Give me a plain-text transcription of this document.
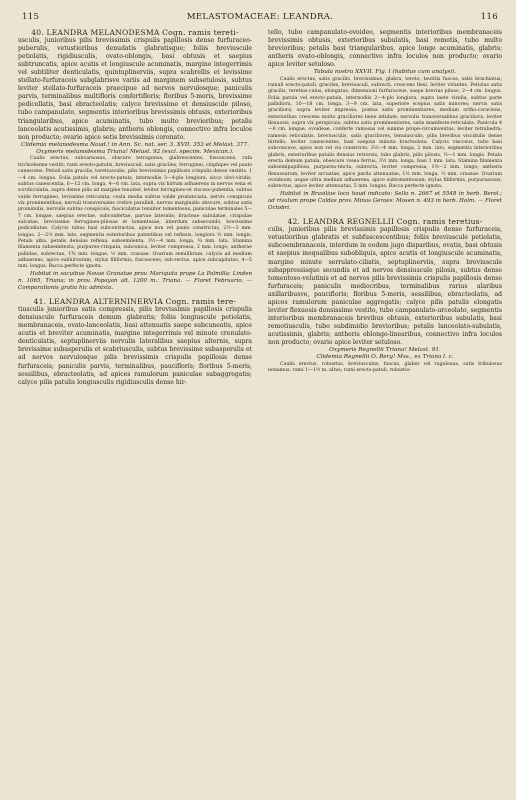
115	MELASTOMACEAE: LEANDRA.	116

40. LEANDRA MELANODESMA Cogn. ramis tereti-

usculis, junioribus pilis brevissimis crispulis papillosis dense furfuraceo-puberulis, vetustioribus denudatis glabratisque; foliis breviuscule petiolatis, rigidiusculis, ovato-oblongis, basi obtusis et saepius subtruncatis, apice acutis et longiuscule acuminatis, margine integerrimis vel subtiliter denticulatis, quintuplinerviis, supra scabrellis et levissime stellato-furfuraceis subglabrisve variis ad marginem subsetulosis, subtus leviter stellato-furfuraceis praecipue ad nervos nervulosque; paniculis parvis, terminalibus multifloris confertifloris; floribus 5-meris, brevissime pedicellatis, basi ebracteolatis; calyce brevissime et densiuscule piloso, tubo campanulato, segmentis interioribus brevissimis obtusis, exterioribus triangularibus, apice acuminatis, tubo multo brevioribus; petalis lanceolatis acutissimis, glabris; antheris oblongis, connectivo infra loculos non producto; ovario apice setis brevissimis coronato.

Clidemia melanodesma Naud.! in Ann. Sc. nat. ser. 3. XVII. 353 et Melast. 377.

Oxymeris melanodesma Triana! Melast. 92 (excl. specim. Mexican.).

Caulis erectus, subcarnosus, obscure tetragonus, glabrescentes, fuscescens, rufa trichodesme vestiti; rami ereoto-patulis, breviusculi, satis graciles, ferruginei, cinphipes vel paulo canescens. Petioli satis gracilis, teretiusculis, pilis brevissimis papillosis crispulis dense vestitis, 1—4 cm. longus. Folia patula vel erecto-patula, internodiis 3—4-plo longiora, sicco obvi-viridis, subtus canescentia, 6—12 cm. longa, 4—6 cm. lata, supra vix hirtum adhaerens in nervos vena et scrobiculatis, supra dense pilis ad margine tenuiter, leviter ferrugineo-et viscoso-pubentia, subtus valde ferrugineo, levissime reticulata; costa media subtus valde pronunciata, nervis conspicuis vix prominentibus; nervuli transversales crebre paralleli, nervus marginalis obscure, subtus satis prominulis, nervulis subtus conspicuis, fasciculatus tenuiter tomentosus, paniculae terminales 5—7 cm. longae, saepius erectae, subconfertae, parvae lateralis; bracteae subulatae, crispulae sulcatae, brevissime ferrugineo-pilosae et tomentosae, interdum subsecundo, brevissime pedicellatae. Calycis tubus basi subcontractus, apice non vel paulo constrictus, 2½—3 mm. longus, 2—2½ mm. lato, segmentis exterioribus patentibus vel reflexis, longiora ½ mm. longis. Petala alba, petalis densius reflexa, subsemilenta, 3½—4 mm. longa, ¾ mm. lata. Stamina filamenta subsemitexta, purpureo-crispata, subconica, leviter compressa, 2 mm. longo; antherae pallidae, subrectae, 1¾ mm. longae, ½ mm. crassae. Ovarium semilibrum, calycis ad medium adhaerens, apice subhirsutum, stylus filiformis, fuscescens, sub-rectus, apice subcapitatus, 4—5 mm. longus. Bacca perfecte ignota.

Habitat in sacuibus Novae Granatae prov. Mariquita prope La Palmilla: Linden n. 1065, Triana; in prov. Popayan alt. 1200 m.: Triana. — Floret Februario. — Comparationis gratia hic admixta.

41. LEANDRA ALTERNINERVIA Cogn. ramis tere-

tiusculis junioribus satis compressis, pilis brevissimis papillosis crispulis densiuscule furfuraceis demum glabratis; foliis longiuscule petiolatis, membranaceis, ovato-lanceolatis, basi attenuatis saepe subcuneatis, apice acutis et breviter acuminatis, margine integerrimis vel minute crenulato-denticulatis, septuplinerviis nervulis lateralibus saepius alternis, supra brevissime subasperulis et scabriusculis, subtus brevissime subasperulis et ad nervos nervulosque pilis brevissimis crispulis papillosis dense furfuraceis; paniculis parvis, terminalibus, pauciflorís; floribus 5-meris, sessilibus, ebracteolatis, ad apices ramulorum paniculae subaggregatis; calyce pilis patulis longiusculis rigidiusculis dense hir-

tello, tubo campanulato-ovoideo, segmentis interioribus membranaceis brevissimis obtusis, exterioribus subulatis, basi remotis, tubo multo brevioribus; petalis basi triangularibus, apice longe acuminatis, glabris; antheris ovato-oblongis, connectivo infra loculos non producto; ovario apice leviter setuloso.

Tabula nostra XXVII. Fig. I (habitus cum analysi).

Caulis erectus, satis gracilis, brevissimus, glabra, tereto, teutitis fuscos, satis brachiatus; ramuli erecto-patuli, graciles, breviusculi, subrecti, crescens flexi, leviter virantes. Petiolus satis gracilis, teretius-culus, elongatus, dimensioni furfuraceus, saepe brevius piloso, 2—4 cm. longus. Folia patula vel erecto-patula, internodiis 2—4-plo longiora, supra laete viridia, subtus parte pallidiora, 10—18 cm. longa, 3—9 cm. lata, superiore scepius satis minores; nervis satis graciliora, supra leviter impressa, postea satis prominentiores, medium ortho-coraciens, exterioribus crescens multo graciliores bene intidam; nervulis transversalibus graciliora, leviter flexuosis, supra vix perspicuis, subtus satis prominentiores, satis manifeste-reticulata. Panicula 4—8 cm. longae, ovoideae, conferte ramosas vel summe prope-circumventus, leviter tetrahedra; ramosis reticulatis, breviusculis, satis graciliores, tenuiusculis, pilis brevibus viscidulis dense hirtello, leviter canescentes, basi saepius minuta bracteolata. Calycis viscosus, tubo basi subconcave, apice non vel vix constricto, 3½—4 mm. longa, 2 mm. lato, segmentis interioribus glabris, exterioribus patulis densius retrorsis, tubo glabris, pilis pilosis, ½—1 mm. longis. Petala erecta demum patula, obsecare rosea ferrus, 3½ mm. longa, basi 1 mm. lata. Stamina filamenta subsemipapillosa, purpurea-tincta, subrecta, leviter compressa, 1½—2 mm. longo; antheris flexuosarum, leviter arcuatae, apice parda attenuatae, 1½ mm. longa, ½ mm. crassae. Ovarium ovoideum, usque ultra medium adhaerens, apice subtomentosum; stylus filiformis, purpurascens, subrectus, apice leviter attenuatus, 5 mm. longus. Bacca perfecte ignota.

Habitat in Brasiliae loco haud indicato: Sello n. 2667 et 5548 in herb. Berol.; ad rivulum prope Caldas prov. Minas Geraes: Mosen n. 493 in herb. Holm. — Floret Octobri.

42. LEANDRA REGNELLII Cogn. ramis teretius-

culis, junioribus pilis brevissimis papillosis crispulis dense furfuraceis, vetustioribus glabratis et subfuscescentibus; foliis breviuscule petiolatis, subcoembranaceis, interdum in eodem jugo disparibus, ovatis, basi obtusis et saepius inequalibus subobliquis, apice acutis et longiuscule acuminatis, margine minute serrulato-ciliatis, septuplinerviis, supra breviuscule subappressisque secundis et ad nervos densiuscule pilosis, subtus dense tomentoso-velutinis et ad nervos pilis brevissimis crispulis papillosis dense furfuraceis; paniculis mediocribus, terminalibus rarius alaribus axillaribusve, paucifloris; floribus 5-meris, sessilibus, ebracteolatis, ad apices ramulorum paniculae aggregatis; calyce pilis patulis elongatis leviter flexuosis densissime vestito, tubo campanulato-urceolato, segmentis interioribus membranaceis brevibus obtusis, exterioribus subulatis, basi remotiusculis, tubo subdimidio brevioribus; petalis lanceolato-subulatis, acutissimis, glabris; antheris oblongo-linearibus, connectivo infra loculos non producto; ovario apice leviter setuloso.

Oxymeris Regnellii Triana! Melast. 91.

Clidemia Regnellii O. Berg! Mss., ex Triana l. c.

Caulis erectus, robustus, breviusculus, fuscus, glaber vel rugulosus, satis tribulosus nonamus; rami 1—1½ m. altus; rami erecto-patuli, robustio-
